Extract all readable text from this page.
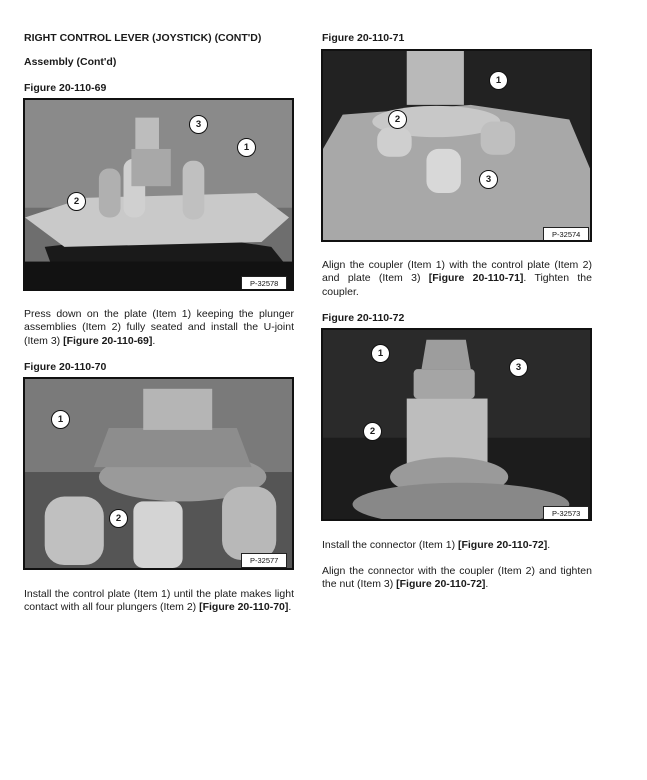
RIGHT CONTROL LEVER (JOYSTICK) (CONT'D)
Assembly (Cont'd)
Figure 20-110-69
3
1
2
P-32578
Press down on the plate (Item 1) keeping the plunger assemblies (Item 2) fully seated and install the U-joint (Item 3) [Figure 20-110-69].
Figure 20-110-70
1
2
P-32577
Install the control plate (Item 1) until the plate makes light contact with all four plungers (Item 2) [Figure 20-110-70].
Figure 20-110-71
1
2
3
P-32574
Align the coupler (Item 1) with the control plate (Item 2) and plate (Item 3) [Figure 20-110-71]. Tighten the coupler.
Figure 20-110-72
1
3
2
P-32573
Install the connector (Item 1) [Figure 20-110-72].
Align the connector with the coupler (Item 2) and tighten the nut (Item 3) [Figure 20-110-72].
